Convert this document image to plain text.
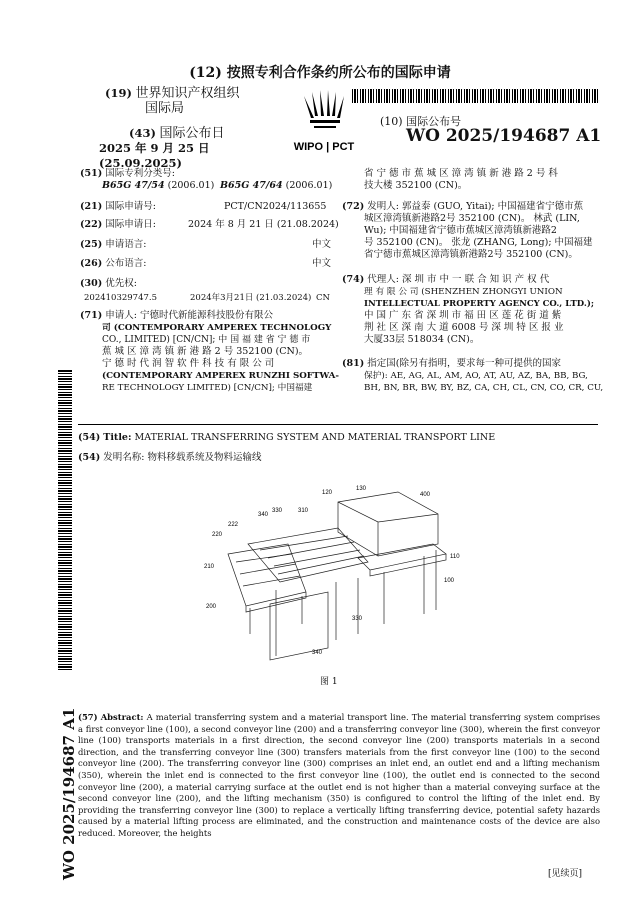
(12) 按照专利合作条约所公布的国际申请
(19) 世界知识产权组织
国际局
(43) 国际公布日
2025 年 9 月 25 日 (25.09.2025)
WIPO | PCT
(10) 国际公布号
WO 2025/194687 A1
(51) 国际专利分类号:
B65G 47/54 (2006.01) B65G 47/64 (2006.01)
(21) 国际申请号:	PCT/CN2024/113655
(22) 国际申请日:	2024 年 8 月 21 日 (21.08.2024)
(25) 申请语言:	中文
(26) 公布语言:	中文
(30) 优先权:
202410329747.5	2024年3月21日 (21.03.2024) CN
(71) 申请人: 宁德时代新能源科技股份有限公
司 (CONTEMPORARY AMPEREX TECHNOLOGY
CO., LIMITED) [CN/CN]; 中 国 福 建 省 宁 德 市
蕉 城 区 漳 湾 镇 新 港 路 2 号 352100 (CN)。
宁 德 时 代 润 智 软 件 科 技 有 限 公 司
(CONTEMPORARY AMPEREX RUNZHI SOFTWA-
RE TECHNOLOGY LIMITED) [CN/CN]; 中国福建
省 宁 德 市 蕉 城 区 漳 湾 镇 新 港 路 2 号 科
技大楼 352100 (CN)。
(72) 发明人: 郭益泰 (GUO, Yitai); 中国福建省宁德市蕉
城区漳湾镇新港路2号 352100 (CN)。 林武 (LIN,
Wu); 中国福建省宁德市蕉城区漳湾镇新港路2
号 352100 (CN)。 张龙 (ZHANG, Long); 中国福建
省宁德市蕉城区漳湾镇新港路2号 352100 (CN)。
(74) 代理人: 深 圳 市 中 一 联 合 知 识 产 权 代
理 有 限 公 司 (SHENZHEN ZHONGYI UNION
INTELLECTUAL PROPERTY AGENCY CO., LTD.);
中 国 广 东 省 深 圳 市 福 田 区 莲 花 街 道 紫
荆 社 区 深 南 大 道 6008 号 深 圳 特 区 报 业
大厦33层 518034 (CN)。
(81) 指定国(除另有指明，要求每一种可提供的国家
保护): AE, AG, AL, AM, AO, AT, AU, AZ, BA, BB, BG,
BH, BN, BR, BW, BY, BZ, CA, CH, CL, CN, CO, CR, CU,
(54) Title: MATERIAL TRANSFERRING SYSTEM AND MATERIAL TRANSPORT LINE
(54) 发明名称: 物料移载系统及物料运输线
120
130
400
340
330	310
222
220
210
200
110
100
330
340
图 1
(57) Abstract: A material transferring system and a material transport line. The material transferring system comprises a first conveyor line (100), a second conveyor line (200) and a transferring conveyor line (300), wherein the first conveyor line (100) transports materials in a first direction, the second conveyor line (200) transports materials in a second direction, and the transferring conveyor line (300) transfers materials from the first conveyor line (100) to the second conveyor line (200). The transferring conveyor line (300) comprises an inlet end, an outlet end and a lifting mechanism (350), wherein the inlet end is connected to the first conveyor line (100), the outlet end is connected to the second conveyor line (200), a material carrying surface at the outlet end is not higher than a material conveying surface at the second conveyor line (200), and the lifting mechanism (350) is configured to control the lifting of the inlet end. By providing the transferring conveyor line (300) to replace a vertically lifting transferring device, potential safety hazards caused by a material lifting process are eliminated, and the construction and maintenance costs of the device are also reduced. Moreover, the heights
WO 2025/194687 A1	[见续页]
